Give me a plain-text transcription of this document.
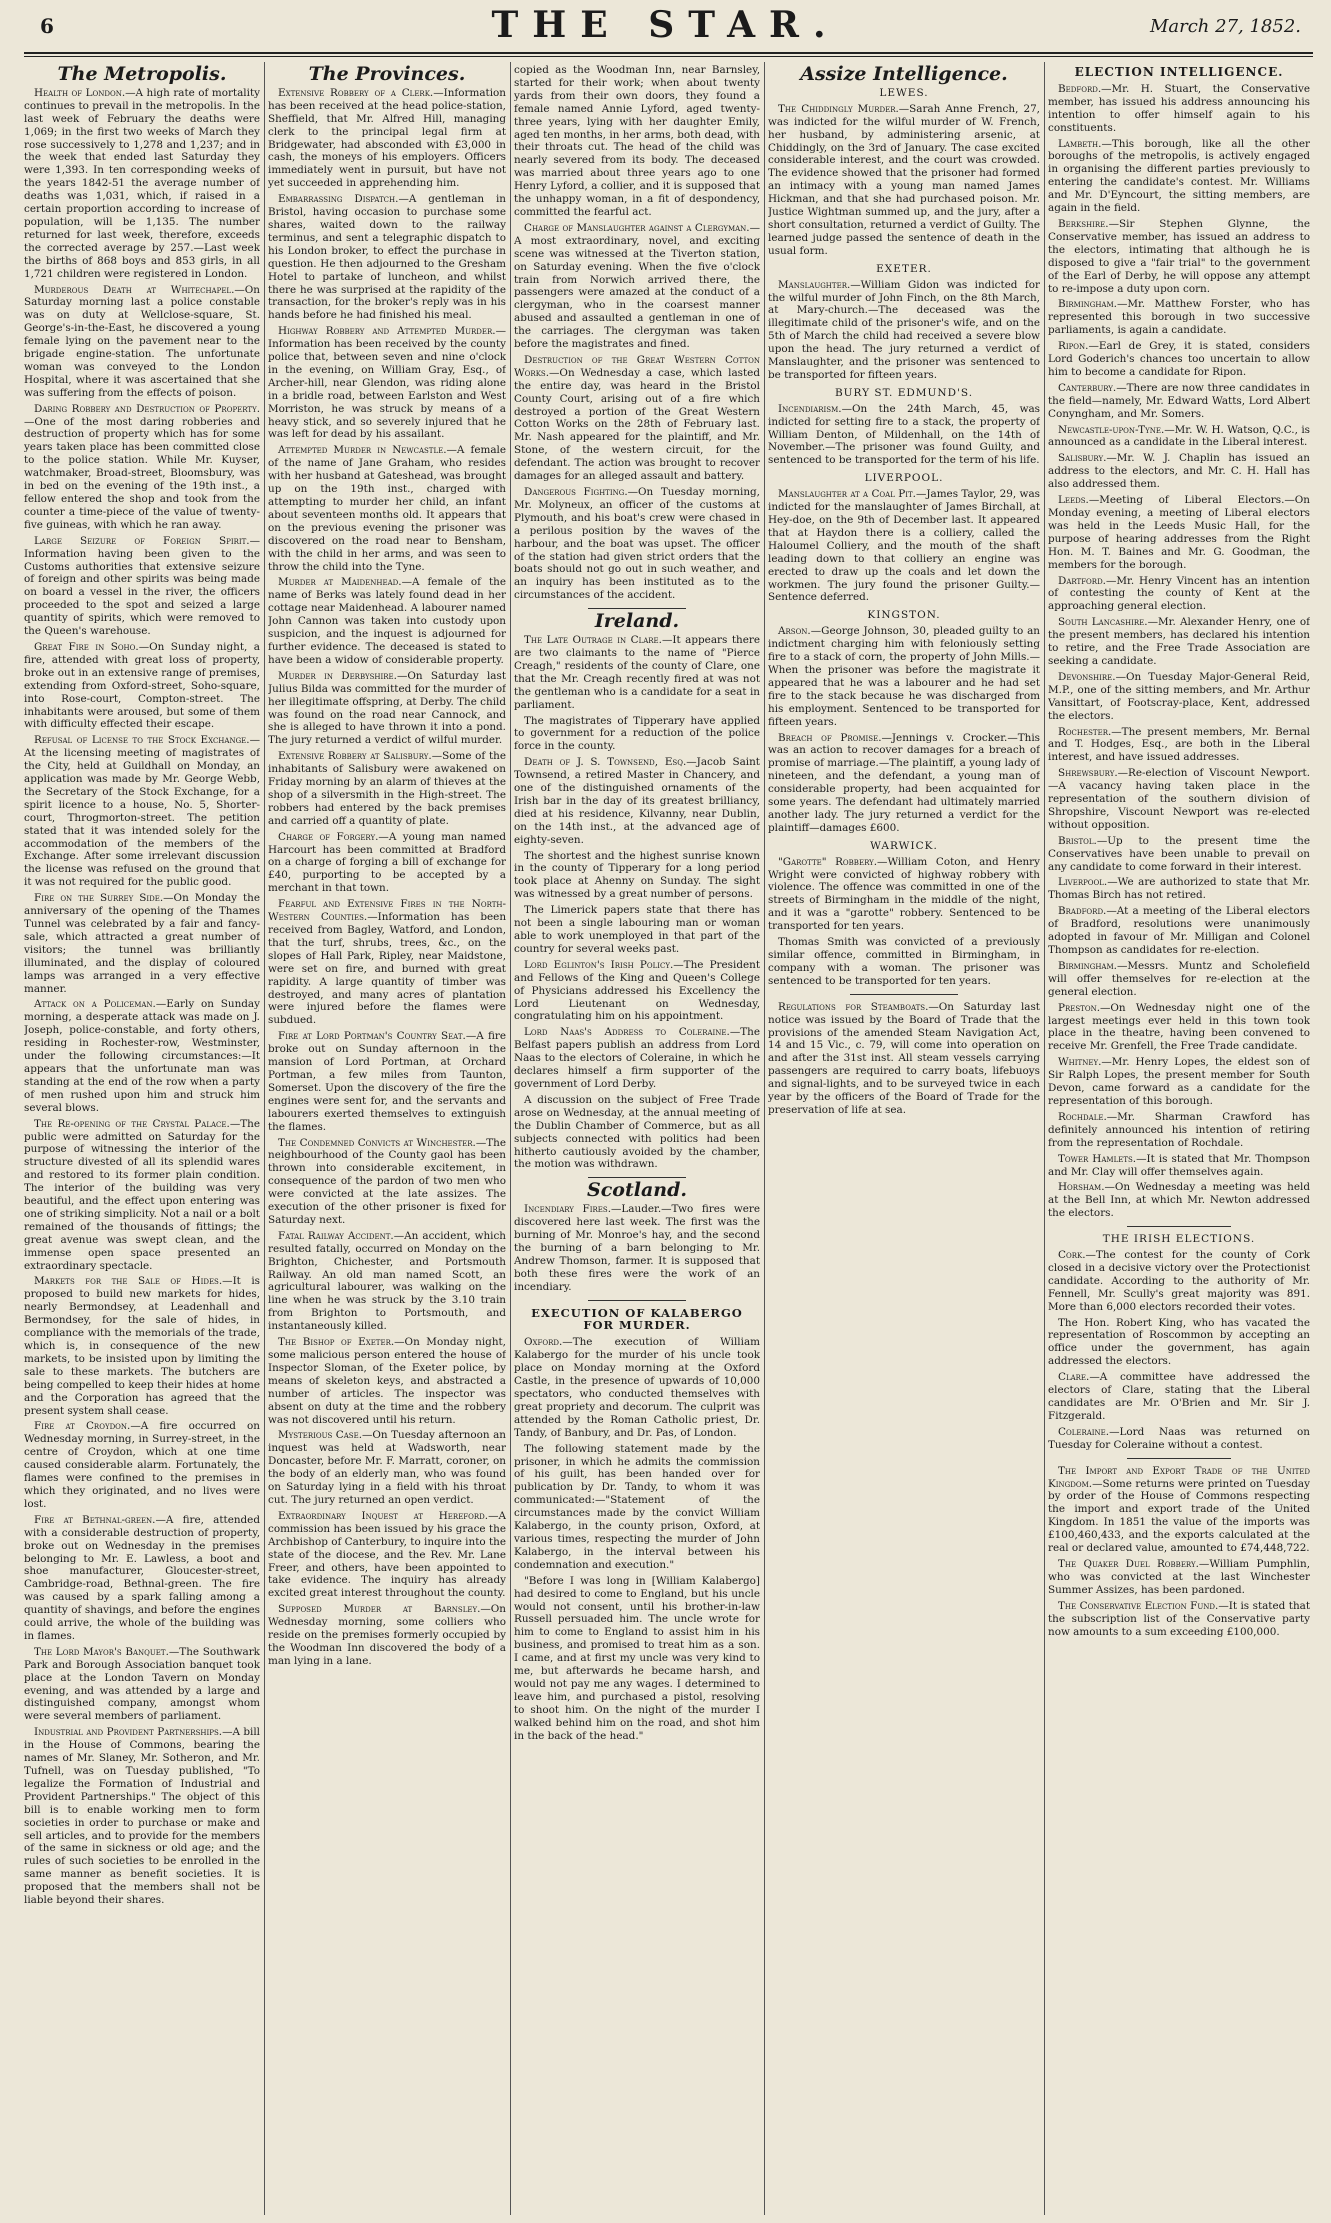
6	THE STAR.	March 27, 1852.
The Metropolis.

Health of London.—A high rate of mortality continues to prevail in the metropolis. In the last week of February the deaths were 1,069; in the first two weeks of March they rose successively to 1,278 and 1,237; and in the week that ended last Saturday they were 1,393. In ten corresponding weeks of the years 1842-51 the average number of deaths was 1,031, which, if raised in a certain proportion according to increase of population, will be 1,135. The number returned for last week, therefore, exceeds the corrected average by 257.—Last week the births of 868 boys and 853 girls, in all 1,721 children were registered in London.

Murderous Death at Whitechapel.—On Saturday morning last a police constable was on duty at Wellclose-square, St. George's-in-the-East, he discovered a young female lying on the pavement near to the brigade engine-station. The unfortunate woman was conveyed to the London Hospital, where it was ascertained that she was suffering from the effects of poison.

Daring Robbery and Destruction of Property.—One of the most daring robberies and destruction of property which has for some years taken place has been committed close to the police station. While Mr. Kuyser, watchmaker, Broad-street, Bloomsbury, was in bed on the evening of the 19th inst., a fellow entered the shop and took from the counter a time-piece of the value of twenty-five guineas, with which he ran away.

Large Seizure of Foreign Spirit.—Information having been given to the Customs authorities that extensive seizure of foreign and other spirits was being made on board a vessel in the river, the officers proceeded to the spot and seized a large quantity of spirits, which were removed to the Queen's warehouse.

Great Fire in Soho.—On Sunday night, a fire, attended with great loss of property, broke out in an extensive range of premises, extending from Oxford-street, Soho-square, into Rose-court, Compton-street. The inhabitants were aroused, but some of them with difficulty effected their escape.

Refusal of License to the Stock Exchange.—At the licensing meeting of magistrates of the City, held at Guildhall on Monday, an application was made by Mr. George Webb, the Secretary of the Stock Exchange, for a spirit licence to a house, No. 5, Shorter-court, Throgmorton-street. The petition stated that it was intended solely for the accommodation of the members of the Exchange. After some irrelevant discussion the license was refused on the ground that it was not required for the public good.

Fire on the Surrey Side.—On Monday the anniversary of the opening of the Thames Tunnel was celebrated by a fair and fancy-sale, which attracted a great number of visitors; the tunnel was brilliantly illuminated, and the display of coloured lamps was arranged in a very effective manner.

Attack on a Policeman.—Early on Sunday morning, a desperate attack was made on J. Joseph, police-constable, and forty others, residing in Rochester-row, Westminster, under the following circumstances:—It appears that the unfortunate man was standing at the end of the row when a party of men rushed upon him and struck him several blows.

The Re-opening of the Crystal Palace.—The public were admitted on Saturday for the purpose of witnessing the interior of the structure divested of all its splendid wares and restored to its former plain condition. The interior of the building was very beautiful, and the effect upon entering was one of striking simplicity. Not a nail or a bolt remained of the thousands of fittings; the great avenue was swept clean, and the immense open space presented an extraordinary spectacle.

Markets for the Sale of Hides.—It is proposed to build new markets for hides, nearly Bermondsey, at Leadenhall and Bermondsey, for the sale of hides, in compliance with the memorials of the trade, which is, in consequence of the new markets, to be insisted upon by limiting the sale to these markets. The butchers are being compelled to keep their hides at home and the Corporation has agreed that the present system shall cease.

Fire at Croydon.—A fire occurred on Wednesday morning, in Surrey-street, in the centre of Croydon, which at one time caused considerable alarm. Fortunately, the flames were confined to the premises in which they originated, and no lives were lost.

Fire at Bethnal-green.—A fire, attended with a considerable destruction of property, broke out on Wednesday in the premises belonging to Mr. E. Lawless, a boot and shoe manufacturer, Gloucester-street, Cambridge-road, Bethnal-green. The fire was caused by a spark falling among a quantity of shavings, and before the engines could arrive, the whole of the building was in flames.

The Lord Mayor's Banquet.—The Southwark Park and Borough Association banquet took place at the London Tavern on Monday evening, and was attended by a large and distinguished company, amongst whom were several members of parliament.

Industrial and Provident Partnerships.—A bill in the House of Commons, bearing the names of Mr. Slaney, Mr. Sotheron, and Mr. Tufnell, was on Tuesday published, "To legalize the Formation of Industrial and Provident Partnerships." The object of this bill is to enable working men to form societies in order to purchase or make and sell articles, and to provide for the members of the same in sickness or old age; and the rules of such societies to be enrolled in the same manner as benefit societies. It is proposed that the members shall not be liable beyond their shares.

The Provinces.

Extensive Robbery of a Clerk.—Information has been received at the head police-station, Sheffield, that Mr. Alfred Hill, managing clerk to the principal legal firm at Bridgewater, had absconded with £3,000 in cash, the moneys of his employers. Officers immediately went in pursuit, but have not yet succeeded in apprehending him.

Embarrassing Dispatch.—A gentleman in Bristol, having occasion to purchase some shares, waited down to the railway terminus, and sent a telegraphic dispatch to his London broker, to effect the purchase in question. He then adjourned to the Gresham Hotel to partake of luncheon, and whilst there he was surprised at the rapidity of the transaction, for the broker's reply was in his hands before he had finished his meal.

Highway Robbery and Attempted Murder.—Information has been received by the county police that, between seven and nine o'clock in the evening, on William Gray, Esq., of Archer-hill, near Glendon, was riding alone in a bridle road, between Earlston and West Morriston, he was struck by means of a heavy stick, and so severely injured that he was left for dead by his assailant.

Attempted Murder in Newcastle.—A female of the name of Jane Graham, who resides with her husband at Gateshead, was brought up on the 19th inst., charged with attempting to murder her child, an infant about seventeen months old. It appears that on the previous evening the prisoner was discovered on the road near to Bensham, with the child in her arms, and was seen to throw the child into the Tyne.

Murder at Maidenhead.—A female of the name of Berks was lately found dead in her cottage near Maidenhead. A labourer named John Cannon was taken into custody upon suspicion, and the inquest is adjourned for further evidence. The deceased is stated to have been a widow of considerable property.

Murder in Derbyshire.—On Saturday last Julius Bilda was committed for the murder of her illegitimate offspring, at Derby. The child was found on the road near Cannock, and she is alleged to have thrown it into a pond. The jury returned a verdict of wilful murder.

Extensive Robbery at Salisbury.—Some of the inhabitants of Salisbury were awakened on Friday morning by an alarm of thieves at the shop of a silversmith in the High-street. The robbers had entered by the back premises and carried off a quantity of plate.

Charge of Forgery.—A young man named Harcourt has been committed at Bradford on a charge of forging a bill of exchange for £40, purporting to be accepted by a merchant in that town.

Fearful and Extensive Fires in the North-Western Counties.—Information has been received from Bagley, Watford, and London, that the turf, shrubs, trees, &c., on the slopes of Hall Park, Ripley, near Maidstone, were set on fire, and burned with great rapidity. A large quantity of timber was destroyed, and many acres of plantation were injured before the flames were subdued.

Fire at Lord Portman's Country Seat.—A fire broke out on Sunday afternoon in the mansion of Lord Portman, at Orchard Portman, a few miles from Taunton, Somerset. Upon the discovery of the fire the engines were sent for, and the servants and labourers exerted themselves to extinguish the flames.

The Condemned Convicts at Winchester.—The neighbourhood of the County gaol has been thrown into considerable excitement, in consequence of the pardon of two men who were convicted at the late assizes. The execution of the other prisoner is fixed for Saturday next.

Fatal Railway Accident.—An accident, which resulted fatally, occurred on Monday on the Brighton, Chichester, and Portsmouth Railway. An old man named Scott, an agricultural labourer, was walking on the line when he was struck by the 3.10 train from Brighton to Portsmouth, and instantaneously killed.

The Bishop of Exeter.—On Monday night, some malicious person entered the house of Inspector Sloman, of the Exeter police, by means of skeleton keys, and abstracted a number of articles. The inspector was absent on duty at the time and the robbery was not discovered until his return.

Mysterious Case.—On Tuesday afternoon an inquest was held at Wadsworth, near Doncaster, before Mr. F. Marratt, coroner, on the body of an elderly man, who was found on Saturday lying in a field with his throat cut. The jury returned an open verdict.

Extraordinary Inquest at Hereford.—A commission has been issued by his grace the Archbishop of Canterbury, to inquire into the state of the diocese, and the Rev. Mr. Lane Freer, and others, have been appointed to take evidence. The inquiry has already excited great interest throughout the county.

Supposed Murder at Barnsley.—On Wednesday morning, some colliers who reside on the premises formerly occupied by the Woodman Inn discovered the body of a man lying in a lane.

copied as the Woodman Inn, near Barnsley, started for their work; when about twenty yards from their own doors, they found a female named Annie Lyford, aged twenty-three years, lying with her daughter Emily, aged ten months, in her arms, both dead, with their throats cut. The head of the child was nearly severed from its body. The deceased was married about three years ago to one Henry Lyford, a collier, and it is supposed that the unhappy woman, in a fit of despondency, committed the fearful act.

Charge of Manslaughter against a Clergyman.—A most extraordinary, novel, and exciting scene was witnessed at the Tiverton station, on Saturday evening. When the five o'clock train from Norwich arrived there, the passengers were amazed at the conduct of a clergyman, who in the coarsest manner abused and assaulted a gentleman in one of the carriages. The clergyman was taken before the magistrates and fined.

Destruction of the Great Western Cotton Works.—On Wednesday a case, which lasted the entire day, was heard in the Bristol County Court, arising out of a fire which destroyed a portion of the Great Western Cotton Works on the 28th of February last. Mr. Nash appeared for the plaintiff, and Mr. Stone, of the western circuit, for the defendant. The action was brought to recover damages for an alleged assault and battery.

Dangerous Fighting.—On Tuesday morning, Mr. Molyneux, an officer of the customs at Plymouth, and his boat's crew were chased in a perilous position by the waves of the harbour, and the boat was upset. The officer of the station had given strict orders that the boats should not go out in such weather, and an inquiry has been instituted as to the circumstances of the accident.

Ireland.

The Late Outrage in Clare.—It appears there are two claimants to the name of "Pierce Creagh," residents of the county of Clare, one that the Mr. Creagh recently fired at was not the gentleman who is a candidate for a seat in parliament.

The magistrates of Tipperary have applied to government for a reduction of the police force in the county.

Death of J. S. Townsend, Esq.—Jacob Saint Townsend, a retired Master in Chancery, and one of the distinguished ornaments of the Irish bar in the day of its greatest brilliancy, died at his residence, Kilvanny, near Dublin, on the 14th inst., at the advanced age of eighty-seven.

The shortest and the highest sunrise known in the county of Tipperary for a long period took place at Ahenny on Sunday. The sight was witnessed by a great number of persons.

The Limerick papers state that there has not been a single labouring man or woman able to work unemployed in that part of the country for several weeks past.

Lord Eglinton's Irish Policy.—The President and Fellows of the King and Queen's College of Physicians addressed his Excellency the Lord Lieutenant on Wednesday, congratulating him on his appointment.

Lord Naas's Address to Coleraine.—The Belfast papers publish an address from Lord Naas to the electors of Coleraine, in which he declares himself a firm supporter of the government of Lord Derby.

A discussion on the subject of Free Trade arose on Wednesday, at the annual meeting of the Dublin Chamber of Commerce, but as all subjects connected with politics had been hitherto cautiously avoided by the chamber, the motion was withdrawn.

Scotland.

Incendiary Fires.—Lauder.—Two fires were discovered here last week. The first was the burning of Mr. Monroe's hay, and the second the burning of a barn belonging to Mr. Andrew Thomson, farmer. It is supposed that both these fires were the work of an incendiary.

EXECUTION OF KALABERGO FOR MURDER.

Oxford.—The execution of William Kalabergo for the murder of his uncle took place on Monday morning at the Oxford Castle, in the presence of upwards of 10,000 spectators, who conducted themselves with great propriety and decorum. The culprit was attended by the Roman Catholic priest, Dr. Tandy, of Banbury, and Dr. Pas, of London.

The following statement made by the prisoner, in which he admits the commission of his guilt, has been handed over for publication by Dr. Tandy, to whom it was communicated:—"Statement of the circumstances made by the convict William Kalabergo, in the county prison, Oxford, at various times, respecting the murder of John Kalabergo, in the interval between his condemnation and execution."

"Before I was long in [William Kalabergo] had desired to come to England, but his uncle would not consent, until his brother-in-law Russell persuaded him. The uncle wrote for him to come to England to assist him in his business, and promised to treat him as a son. I came, and at first my uncle was very kind to me, but afterwards he became harsh, and would not pay me any wages. I determined to leave him, and purchased a pistol, resolving to shoot him. On the night of the murder I walked behind him on the road, and shot him in the back of the head."

Assize Intelligence.
LEWES.

The Chiddingly Murder.—Sarah Anne French, 27, was indicted for the wilful murder of W. French, her husband, by administering arsenic, at Chiddingly, on the 3rd of January. The case excited considerable interest, and the court was crowded. The evidence showed that the prisoner had formed an intimacy with a young man named James Hickman, and that she had purchased poison. Mr. Justice Wightman summed up, and the jury, after a short consultation, returned a verdict of Guilty. The learned judge passed the sentence of death in the usual form.

EXETER.

Manslaughter.—William Gidon was indicted for the wilful murder of John Finch, on the 8th March, at Mary-church.—The deceased was the illegitimate child of the prisoner's wife, and on the 5th of March the child had received a severe blow upon the head. The jury returned a verdict of Manslaughter, and the prisoner was sentenced to be transported for fifteen years.

BURY ST. EDMUND'S.

Incendiarism.—On the 24th March, 45, was indicted for setting fire to a stack, the property of William Denton, of Mildenhall, on the 14th of November.—The prisoner was found Guilty, and sentenced to be transported for the term of his life.

LIVERPOOL.

Manslaughter at a Coal Pit.—James Taylor, 29, was indicted for the manslaughter of James Birchall, at Hey-doe, on the 9th of December last. It appeared that at Haydon there is a colliery, called the Haloumel Colliery, and the mouth of the shaft leading down to that colliery an engine was erected to draw up the coals and let down the workmen. The jury found the prisoner Guilty.—Sentence deferred.

KINGSTON.

Arson.—George Johnson, 30, pleaded guilty to an indictment charging him with feloniously setting fire to a stack of corn, the property of John Mills.—When the prisoner was before the magistrate it appeared that he was a labourer and he had set fire to the stack because he was discharged from his employment. Sentenced to be transported for fifteen years.

Breach of Promise.—Jennings v. Crocker.—This was an action to recover damages for a breach of promise of marriage.—The plaintiff, a young lady of nineteen, and the defendant, a young man of considerable property, had been acquainted for some years. The defendant had ultimately married another lady. The jury returned a verdict for the plaintiff—damages £600.

WARWICK.

"Garotte" Robbery.—William Coton, and Henry Wright were convicted of highway robbery with violence. The offence was committed in one of the streets of Birmingham in the middle of the night, and it was a "garotte" robbery. Sentenced to be transported for ten years.

Thomas Smith was convicted of a previously similar offence, committed in Birmingham, in company with a woman. The prisoner was sentenced to be transported for ten years.

Regulations for Steamboats.—On Saturday last notice was issued by the Board of Trade that the provisions of the amended Steam Navigation Act, 14 and 15 Vic., c. 79, will come into operation on and after the 31st inst. All steam vessels carrying passengers are required to carry boats, lifebuoys and signal-lights, and to be surveyed twice in each year by the officers of the Board of Trade for the preservation of life at sea.

ELECTION INTELLIGENCE.

Bedford.—Mr. H. Stuart, the Conservative member, has issued his address announcing his intention to offer himself again to his constituents.

Lambeth.—This borough, like all the other boroughs of the metropolis, is actively engaged in organising the different parties previously to entering the candidate's contest. Mr. Williams and Mr. D'Eyncourt, the sitting members, are again in the field.

Berkshire.—Sir Stephen Glynne, the Conservative member, has issued an address to the electors, intimating that although he is disposed to give a "fair trial" to the government of the Earl of Derby, he will oppose any attempt to re-impose a duty upon corn.

Birmingham.—Mr. Matthew Forster, who has represented this borough in two successive parliaments, is again a candidate.

Ripon.—Earl de Grey, it is stated, considers Lord Goderich's chances too uncertain to allow him to become a candidate for Ripon.

Canterbury.—There are now three candidates in the field—namely, Mr. Edward Watts, Lord Albert Conyngham, and Mr. Somers.

Newcastle-upon-Tyne.—Mr. W. H. Watson, Q.C., is announced as a candidate in the Liberal interest.

Salisbury.—Mr. W. J. Chaplin has issued an address to the electors, and Mr. C. H. Hall has also addressed them.

Leeds.—Meeting of Liberal Electors.—On Monday evening, a meeting of Liberal electors was held in the Leeds Music Hall, for the purpose of hearing addresses from the Right Hon. M. T. Baines and Mr. G. Goodman, the members for the borough.

Dartford.—Mr. Henry Vincent has an intention of contesting the county of Kent at the approaching general election.

South Lancashire.—Mr. Alexander Henry, one of the present members, has declared his intention to retire, and the Free Trade Association are seeking a candidate.

Devonshire.—On Tuesday Major-General Reid, M.P., one of the sitting members, and Mr. Arthur Vansittart, of Footscray-place, Kent, addressed the electors.

Rochester.—The present members, Mr. Bernal and T. Hodges, Esq., are both in the Liberal interest, and have issued addresses.

Shrewsbury.—Re-election of Viscount Newport.—A vacancy having taken place in the representation of the southern division of Shropshire, Viscount Newport was re-elected without opposition.

Bristol.—Up to the present time the Conservatives have been unable to prevail on any candidate to come forward in their interest.

Liverpool.—We are authorized to state that Mr. Thomas Birch has not retired.

Bradford.—At a meeting of the Liberal electors of Bradford, resolutions were unanimously adopted in favour of Mr. Milligan and Colonel Thompson as candidates for re-election.

Birmingham.—Messrs. Muntz and Scholefield will offer themselves for re-election at the general election.

Preston.—On Wednesday night one of the largest meetings ever held in this town took place in the theatre, having been convened to receive Mr. Grenfell, the Free Trade candidate.

Whitney.—Mr. Henry Lopes, the eldest son of Sir Ralph Lopes, the present member for South Devon, came forward as a candidate for the representation of this borough.

Rochdale.—Mr. Sharman Crawford has definitely announced his intention of retiring from the representation of Rochdale.

Tower Hamlets.—It is stated that Mr. Thompson and Mr. Clay will offer themselves again.

Horsham.—On Wednesday a meeting was held at the Bell Inn, at which Mr. Newton addressed the electors.

THE IRISH ELECTIONS.

Cork.—The contest for the county of Cork closed in a decisive victory over the Protectionist candidate. According to the authority of Mr. Fennell, Mr. Scully's great majority was 891. More than 6,000 electors recorded their votes.

The Hon. Robert King, who has vacated the representation of Roscommon by accepting an office under the government, has again addressed the electors.

Clare.—A committee have addressed the electors of Clare, stating that the Liberal candidates are Mr. O'Brien and Mr. Sir J. Fitzgerald.

Coleraine.—Lord Naas was returned on Tuesday for Coleraine without a contest.

The Import and Export Trade of the United Kingdom.—Some returns were printed on Tuesday by order of the House of Commons respecting the import and export trade of the United Kingdom. In 1851 the value of the imports was £100,460,433, and the exports calculated at the real or declared value, amounted to £74,448,722.

The Quaker Duel Robbery.—William Pumphlin, who was convicted at the last Winchester Summer Assizes, has been pardoned.

The Conservative Election Fund.—It is stated that the subscription list of the Conservative party now amounts to a sum exceeding £100,000.
